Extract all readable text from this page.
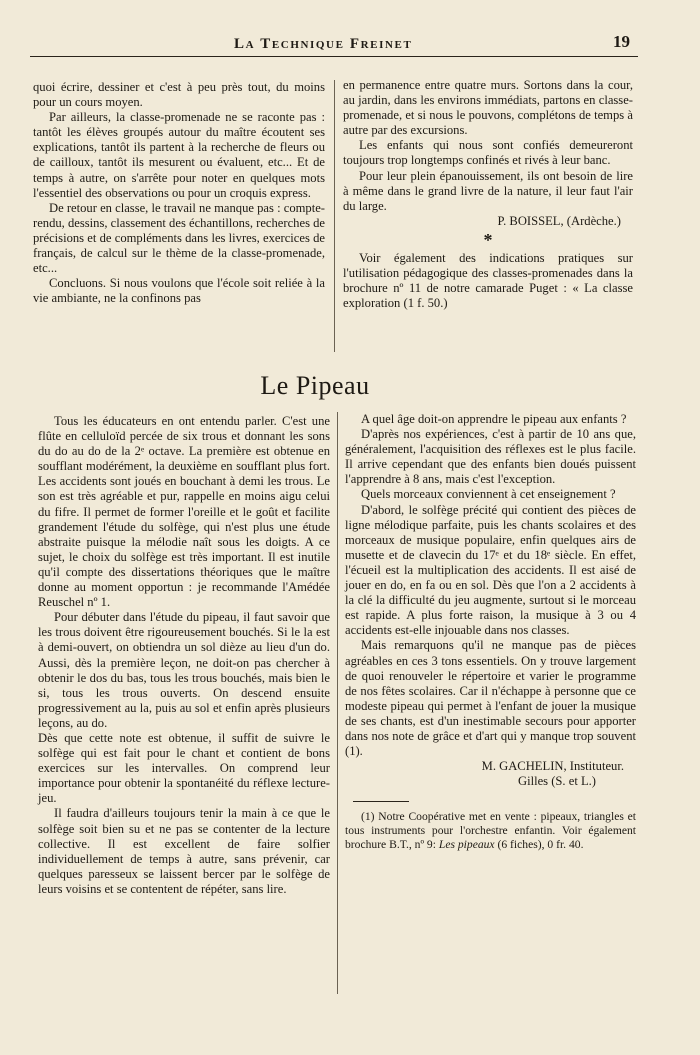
La Technique Freinet	19

quoi écrire, dessiner et c'est à peu près tout, du moins pour un cours moyen.

Par ailleurs, la classe-promenade ne se raconte pas : tantôt les élèves groupés autour du maître écoutent ses explications, tantôt ils partent à la recherche de fleurs ou de cailloux, tantôt ils mesurent ou évaluent, etc... Et de temps à autre, on s'arrête pour noter en quelques mots l'essentiel des observations ou pour un croquis express.

De retour en classe, le travail ne manque pas : compte-rendu, dessins, classement des échantillons, recherches de précisions et de compléments dans les livres, exercices de français, de calcul sur le thème de la classe-promenade, etc...

Concluons. Si nous voulons que l'école soit reliée à la vie ambiante, ne la confinons pas

en permanence entre quatre murs. Sortons dans la cour, au jardin, dans les environs immédiats, partons en classe-promenade, et si nous le pouvons, complétons de temps à autre par des excursions.

Les enfants qui nous sont confiés demeureront toujours trop longtemps confinés et rivés à leur banc.

Pour leur plein épanouissement, ils ont besoin de lire à même dans le grand livre de la nature, il leur faut l'air du large.

P. BOISSEL, (Ardèche.)

*

Voir également des indications pratiques sur l'utilisation pédagogique des classes-promenades dans la brochure nº 11 de notre camarade Puget : « La classe exploration (1 f. 50.)

Le Pipeau

Tous les éducateurs en ont entendu parler. C'est une flûte en celluloïd percée de six trous et donnant les sons du do au do de la 2ᵉ octave. La première est obtenue en soufflant modérément, la deuxième en soufflant plus fort. Les accidents sont joués en bouchant à demi les trous. Le son est très agréable et pur, rappelle en moins aigu celui du fifre. Il permet de former l'oreille et le goût et facilite grandement l'étude du solfège, qui n'est plus une étude abstraite puisque la mélodie naît sous les doigts. A ce sujet, le choix du solfège est très important. Il est inutile qu'il compte des dissertations théoriques que le maître donne au moment opportun : je recommande l'Amédée Reuschel nº 1.

Pour débuter dans l'étude du pipeau, il faut savoir que les trous doivent être rigoureusement bouchés. Si le la est à demi-ouvert, on obtiendra un sol dièze au lieu d'un do. Aussi, dès la première leçon, ne doit-on pas chercher à obtenir le dos du bas, tous les trous bouchés, mais bien le si, tous les trous ouverts. On descend ensuite progressivement au la, puis au sol et enfin après plusieurs leçons, au do.

Dès que cette note est obtenue, il suffit de suivre le solfège qui est fait pour le chant et contient de bons exercices sur les intervalles. On comprend leur importance pour obtenir la spontanéité du réflexe lecture-jeu.

Il faudra d'ailleurs toujours tenir la main à ce que le solfège soit bien su et ne pas se contenter de la lecture collective. Il est excellent de faire solfier individuellement de temps à autre, sans prévenir, car quelques paresseux se laissent bercer par le solfège de leurs voisins et se contentent de répéter, sans lire.

A quel âge doit-on apprendre le pipeau aux enfants ?

D'après nos expériences, c'est à partir de 10 ans que, généralement, l'acquisition des réflexes est le plus facile. Il arrive cependant que des enfants bien doués puissent l'apprendre à 8 ans, mais c'est l'exception.

Quels morceaux conviennent à cet enseignement ?

D'abord, le solfège précité qui contient des pièces de ligne mélodique parfaite, puis les chants scolaires et des morceaux de musique populaire, enfin quelques airs de musette et de clavecin du 17ᵉ et du 18ᵉ siècle. En effet, l'écueil est la multiplication des accidents. Il est aisé de jouer en do, en fa ou en sol. Dès que l'on a 2 accidents à la clé la difficulté du jeu augmente, surtout si le morceau est rapide. A plus forte raison, la musique à 3 ou 4 accidents est-elle injouable dans nos classes.

Mais remarquons qu'il ne manque pas de pièces agréables en ces 3 tons essentiels. On y trouve largement de quoi renouveler le répertoire et varier le programme de nos fêtes scolaires. Car il n'échappe à personne que ce modeste pipeau qui permet à l'enfant de jouer la musique de ses chants, est d'un inestimable secours pour apporter dans nos note de grâce et d'art qui y manque trop souvent (1).

M. GACHELIN, Instituteur.

Gilles (S. et L.)

(1) Notre Coopérative met en vente : pipeaux, triangles et tous instruments pour l'orchestre enfantin. Voir également brochure B.T., nº 9: Les pipeaux (6 fiches), 0 fr. 40.
